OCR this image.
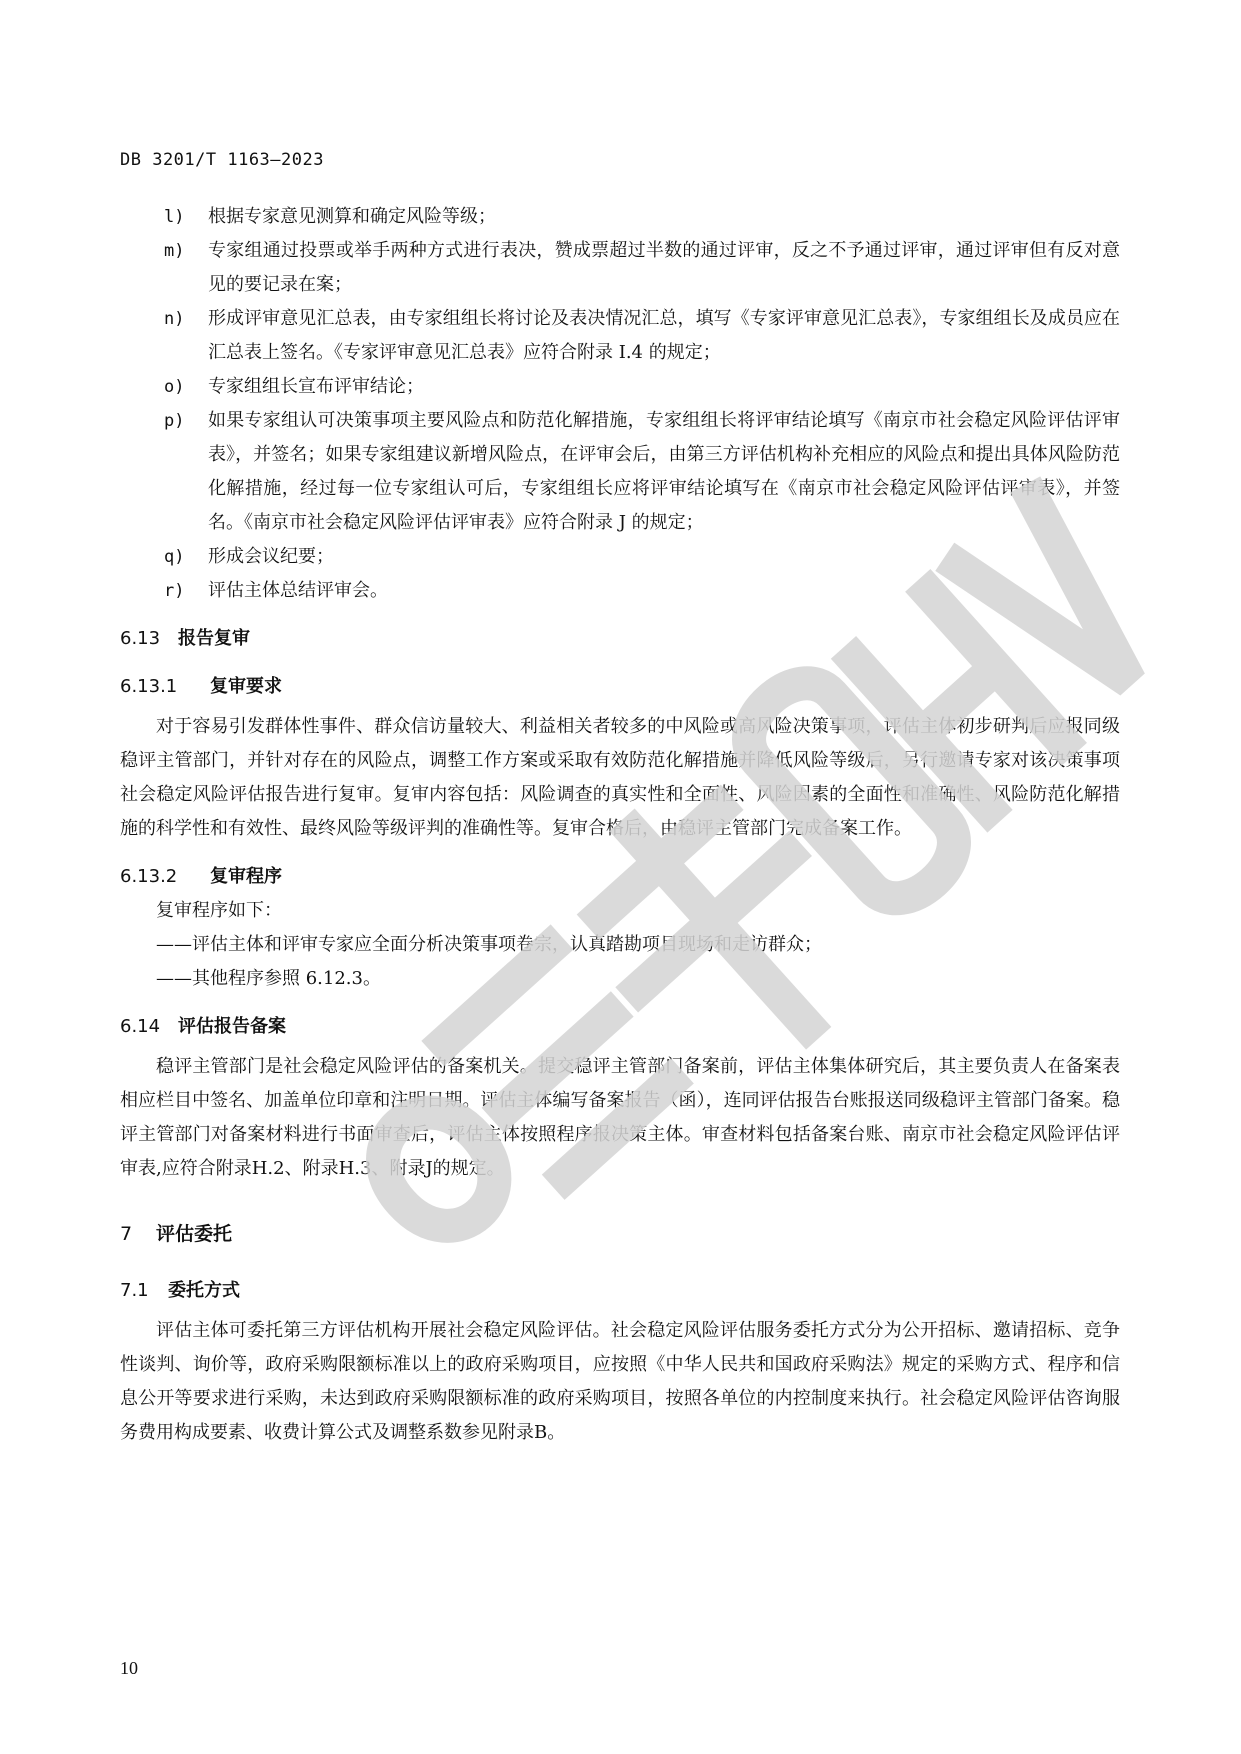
DB 3201/T 1163—2023
l)	根据专家意见测算和确定风险等级；
m)	专家组通过投票或举手两种方式进行表决，赞成票超过半数的通过评审，反之不予通过评审，通过评审但有反对意见的要记录在案；
n)	形成评审意见汇总表，由专家组组长将讨论及表决情况汇总，填写《专家评审意见汇总表》，专家组组长及成员应在汇总表上签名。《专家评审意见汇总表》应符合附录 I.4 的规定；
o)	专家组组长宣布评审结论；
p)	如果专家组认可决策事项主要风险点和防范化解措施，专家组组长将评审结论填写《南京市社会稳定风险评估评审表》，并签名；如果专家组建议新增风险点，在评审会后，由第三方评估机构补充相应的风险点和提出具体风险防范化解措施，经过每一位专家组认可后，专家组组长应将评审结论填写在《南京市社会稳定风险评估评审表》，并签名。《南京市社会稳定风险评估评审表》应符合附录 J 的规定；
q)	形成会议纪要；
r)	评估主体总结评审会。
6.13 报告复审
6.13.1 复审要求
对于容易引发群体性事件、群众信访量较大、利益相关者较多的中风险或高风险决策事项，评估主体初步研判后应报同级稳评主管部门，并针对存在的风险点，调整工作方案或采取有效防范化解措施并降低风险等级后，另行邀请专家对该决策事项社会稳定风险评估报告进行复审。复审内容包括：风险调查的真实性和全面性、风险因素的全面性和准确性、风险防范化解措施的科学性和有效性、最终风险等级评判的准确性等。复审合格后，由稳评主管部门完成备案工作。
6.13.2 复审程序
复审程序如下：
——评估主体和评审专家应全面分析决策事项卷宗，认真踏勘项目现场和走访群众；
——其他程序参照 6.12.3。
6.14 评估报告备案
稳评主管部门是社会稳定风险评估的备案机关。提交稳评主管部门备案前，评估主体集体研究后，其主要负责人在备案表相应栏目中签名、加盖单位印章和注明日期。评估主体编写备案报告（函），连同评估报告台账报送同级稳评主管部门备案。稳评主管部门对备案材料进行书面审查后，评估主体按照程序报决策主体。审查材料包括备案台账、南京市社会稳定风险评估评审表,应符合附录H.2、附录H.3、附录J的规定。
7 评估委托
7.1 委托方式
评估主体可委托第三方评估机构开展社会稳定风险评估。社会稳定风险评估服务委托方式分为公开招标、邀请招标、竞争性谈判、询价等，政府采购限额标准以上的政府采购项目，应按照《中华人民共和国政府采购法》规定的采购方式、程序和信息公开等要求进行采购，未达到政府采购限额标准的政府采购项目，按照各单位的内控制度来执行。社会稳定风险评估咨询服务费用构成要素、收费计算公式及调整系数参见附录B。
10
